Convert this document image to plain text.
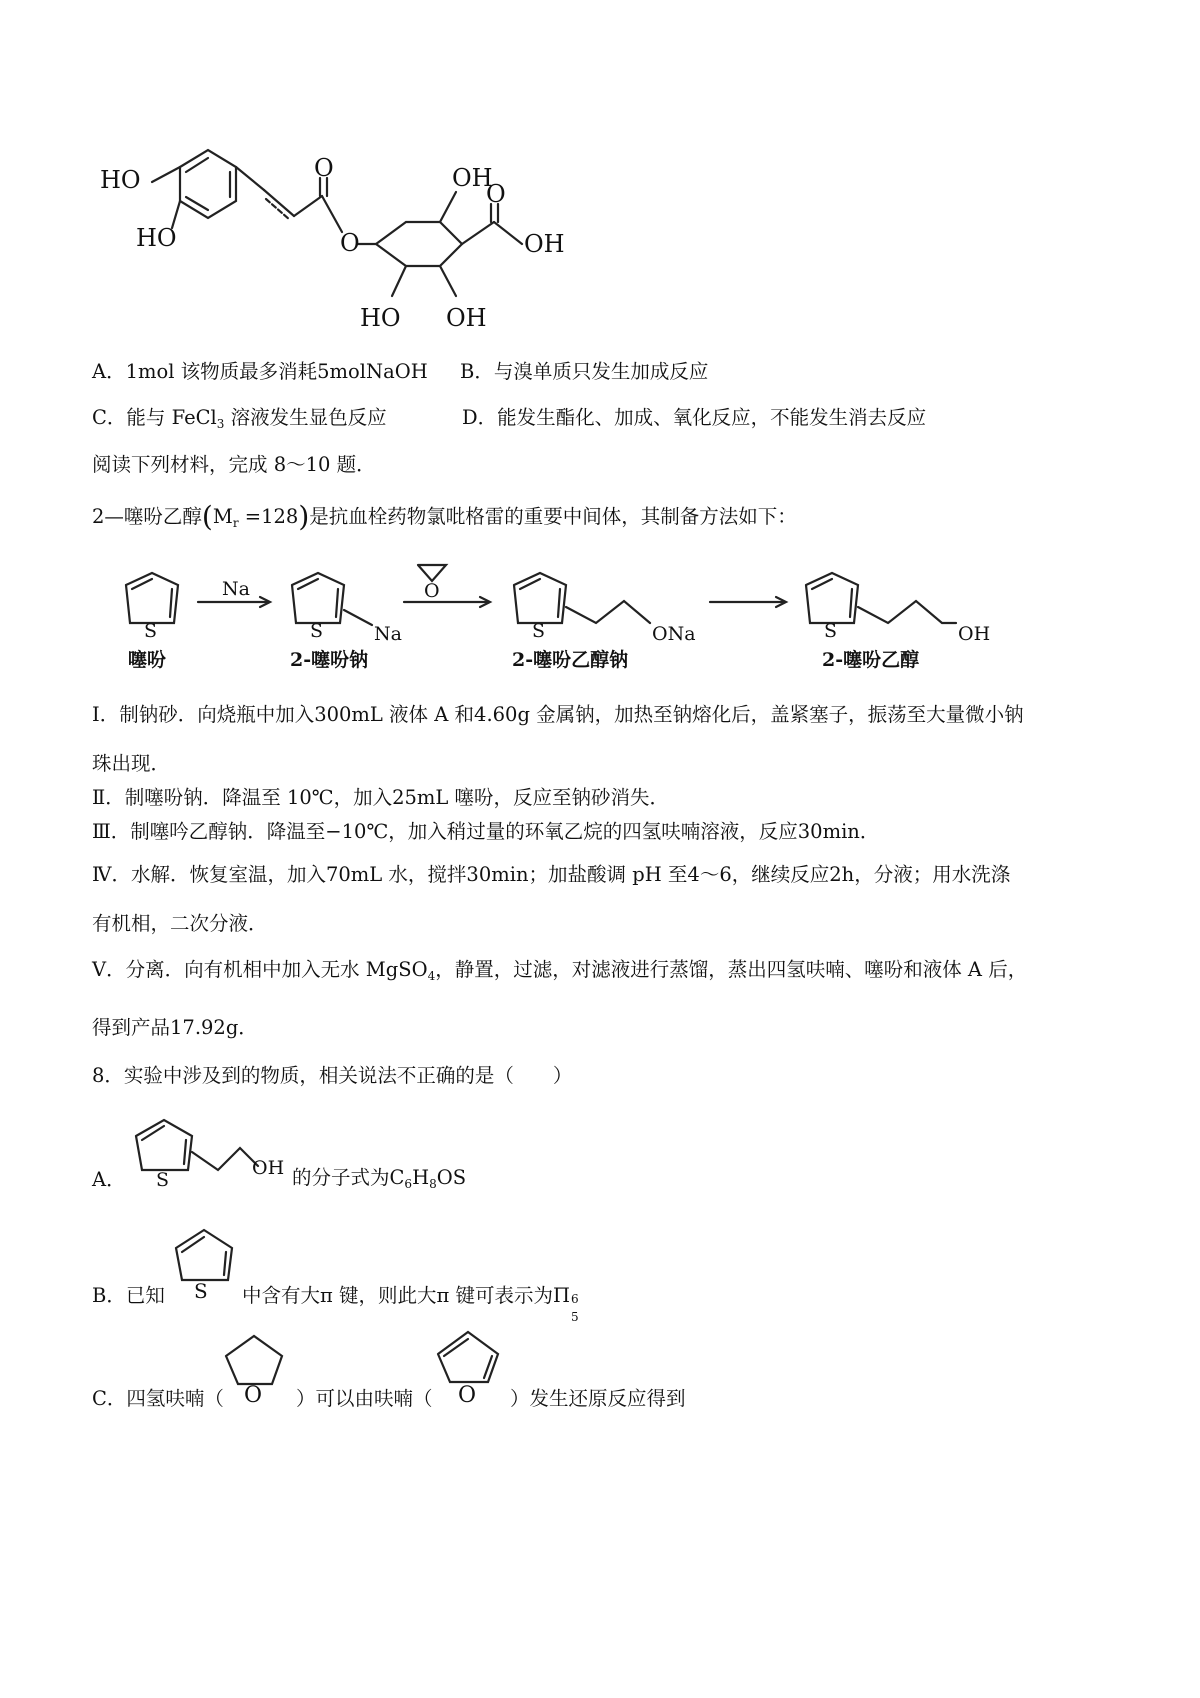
HO
HO
O
O
OH
O
OH
HO OH
A．1mol 该物质最多消耗5molNaOH B．与溴单质只发生加成反应
C．能与 FeCl$_3$ 溶液发生显色反应	D．能发生酯化、加成、氧化反应，不能发生消去反应
阅读下列材料，完成 8～10 题．
2—噻吩乙醇$(M_r =128)$是抗血栓药物氯吡格雷的重要中间体，其制备方法如下：
S
Na
S	Na
O
S	ONa	S	OH
噻吩	2-噻吩钠	2-噻吩乙醇钠	2-噻吩乙醇
Ⅰ．制钠砂．向烧瓶中加入300mL 液体 A 和4.60g 金属钠，加热至钠熔化后，盖紧塞子，振荡至大量微小钠
珠出现．
Ⅱ．制噻吩钠．降温至 10℃，加入25mL 噻吩，反应至钠砂消失．
Ⅲ．制噻吟乙醇钠．降温至−10℃，加入稍过量的环氧乙烷的四氢呋喃溶液，反应30min．
Ⅳ．水解．恢复室温，加入70mL 水，搅拌30min；加盐酸调 pH 至4～6，继续反应2h，分液；用水洗涤
有机相，二次分液．
Ⅴ．分离．向有机相中加入无水 MgSO$_4$，静置，过滤，对滤液进行蒸馏，蒸出四氢呋喃、噻吩和液体 A 后，
得到产品17.92g．
8．实验中涉及到的物质，相关说法不正确的是（　　）
A． S
OH 的分子式为$C_6H_8OS$
B．已知 S 中含有大π 键，则此大π 键可表示为Π 6
5
C．四氢呋喃（ O ）可以由呋喃（ O ）发生还原反应得到
